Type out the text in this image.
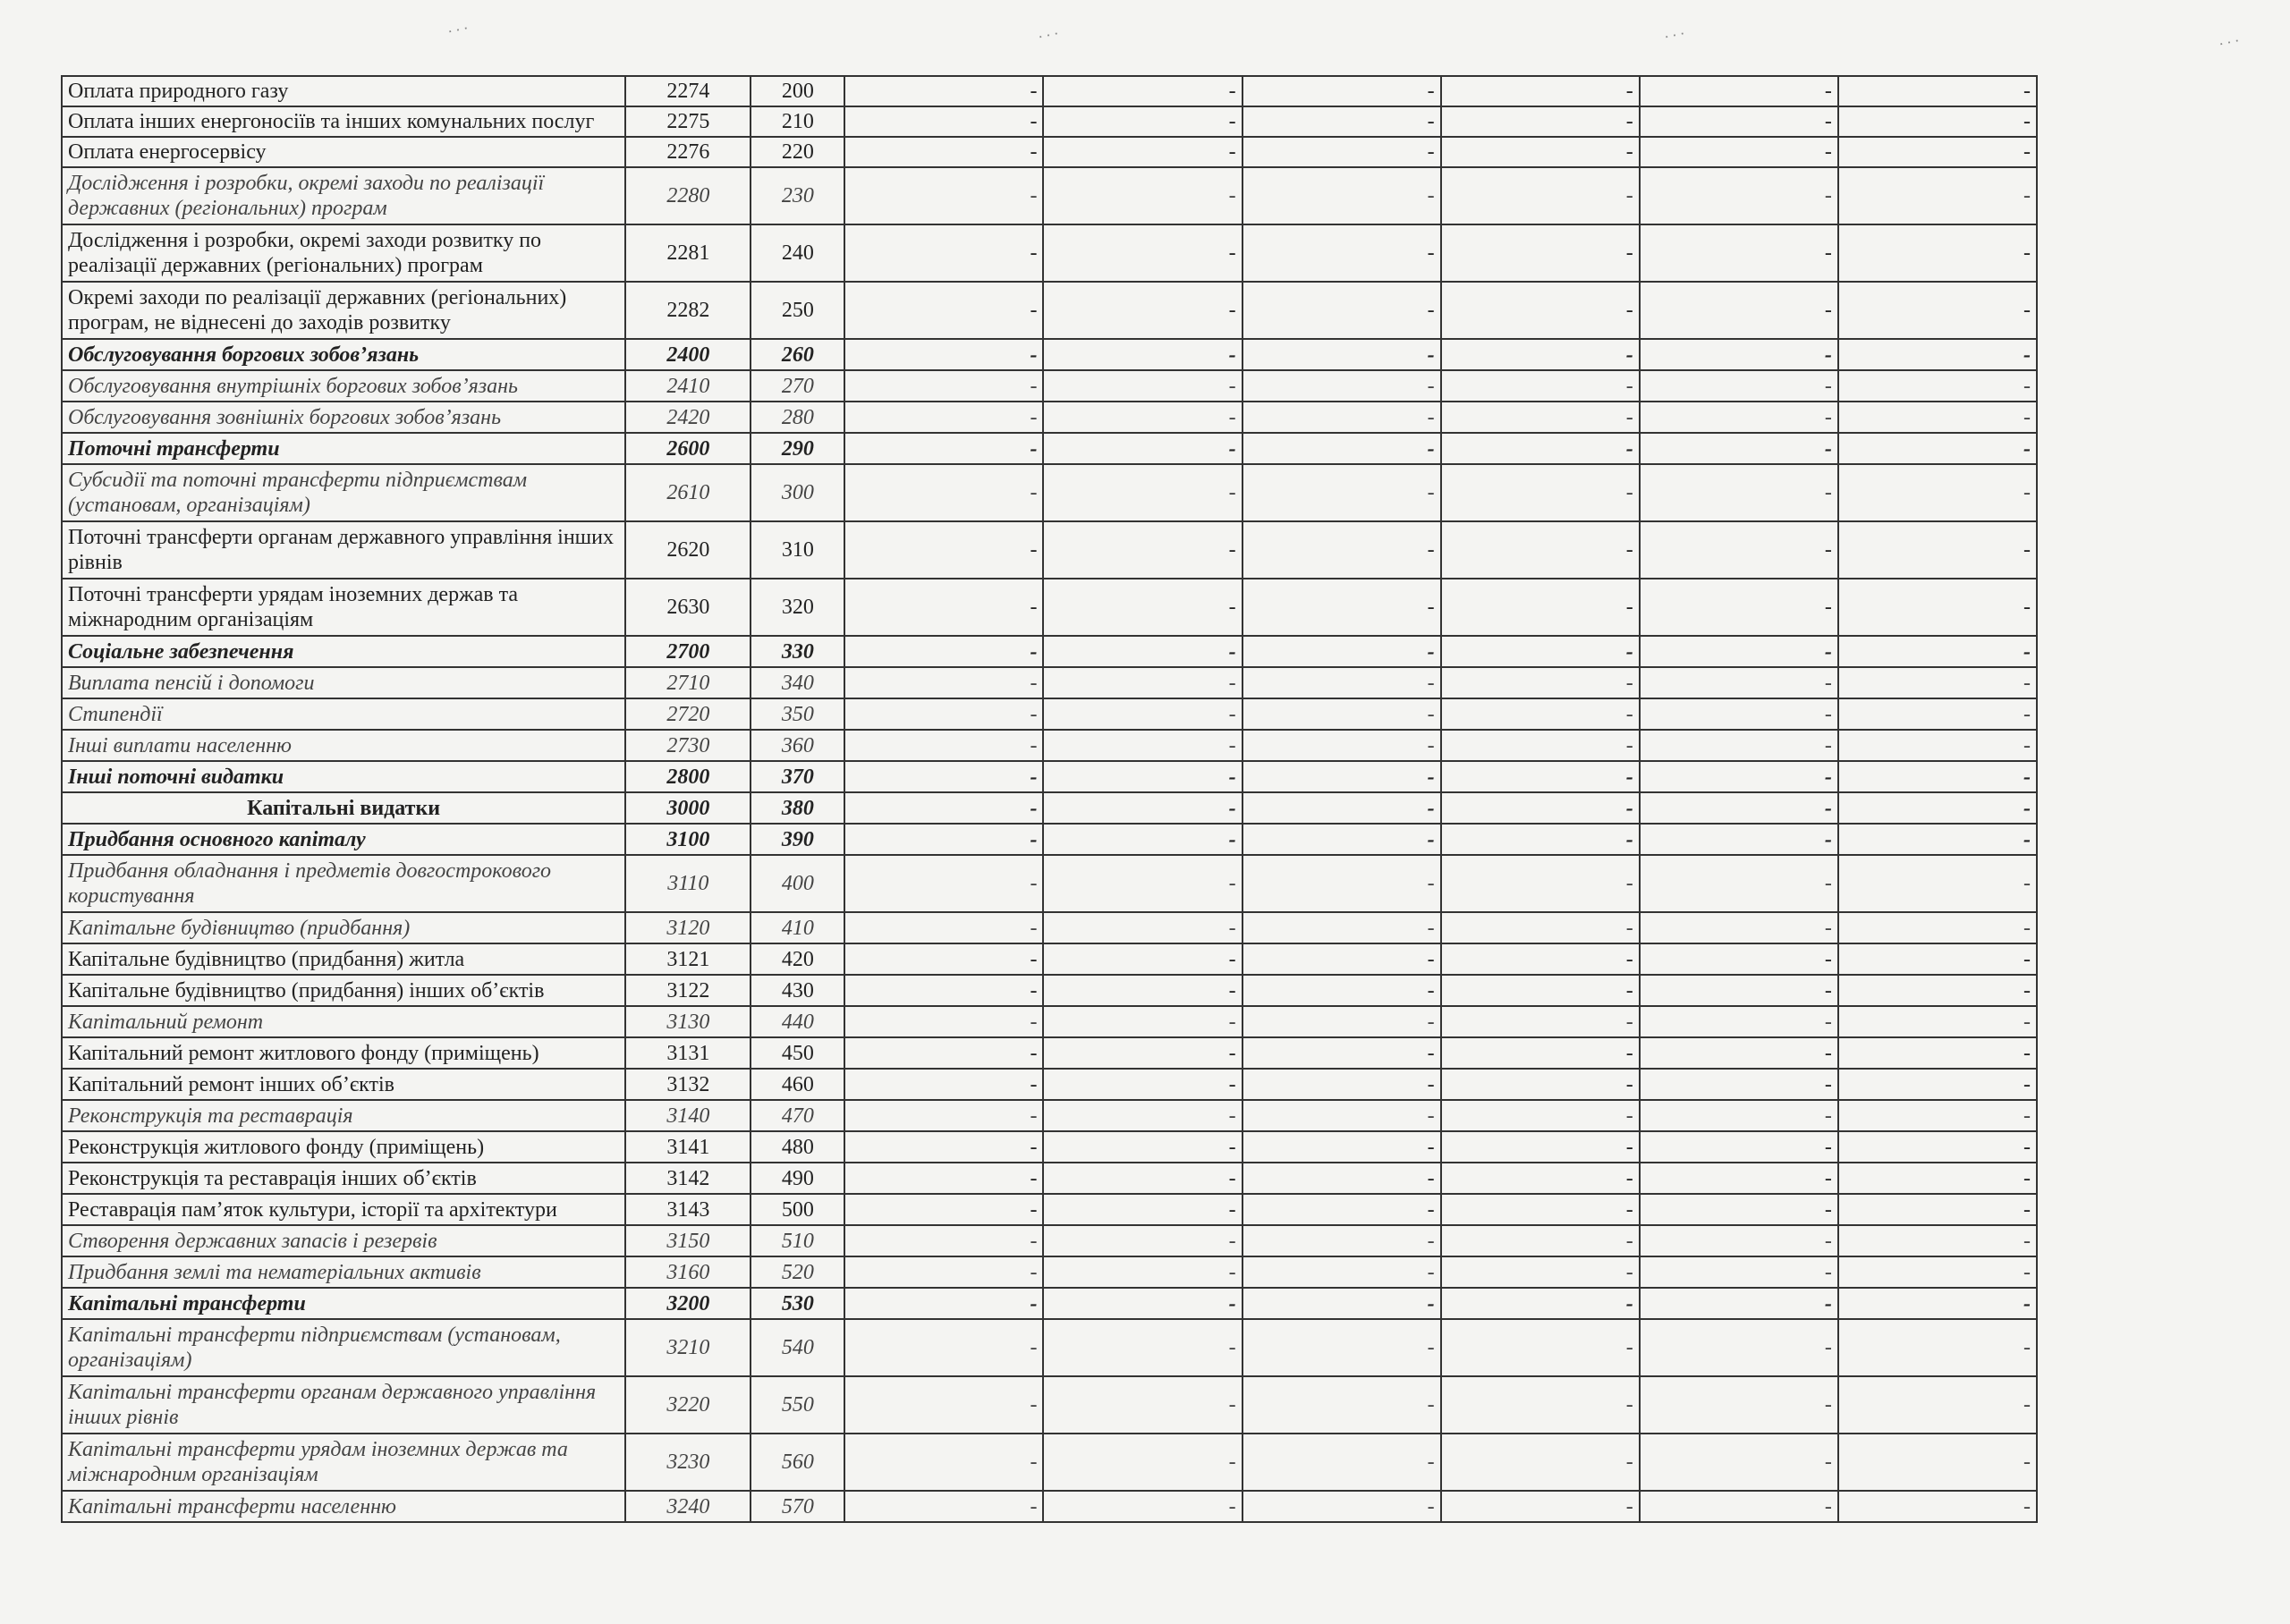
˙˙˙	˙˙˙	˙˙˙	˙˙˙
Оплата природного газу	2274	200	-	-	-	-	-	-
Оплата інших енергоносіїв та інших комунальних послуг	2275	210	-	-	-	-	-	-
Оплата енергосервісу	2276	220	-	-	-	-	-	-
Дослідження і розробки, окремі заходи по реалізації державних (регіональних) програм	2280	230	-	-	-	-	-	-
Дослідження і розробки, окремі заходи розвитку по реалізації державних (регіональних) програм	2281	240	-	-	-	-	-	-
Окремі заходи по реалізації державних (регіональних) програм, не віднесені до заходів розвитку	2282	250	-	-	-	-	-	-
Обслуговування боргових зобов’язань	2400	260	-	-	-	-	-	-
Обслуговування внутрішніх боргових зобов’язань	2410	270	-	-	-	-	-	-
Обслуговування зовнішніх боргових зобов’язань	2420	280	-	-	-	-	-	-
Поточні трансферти	2600	290	-	-	-	-	-	-
Субсидії та поточні трансферти підприємствам (установам, організаціям)	2610	300	-	-	-	-	-	-
Поточні трансферти органам державного управління інших рівнів	2620	310	-	-	-	-	-	-
Поточні трансферти урядам іноземних держав та міжнародним організаціям	2630	320	-	-	-	-	-	-
Соціальне забезпечення	2700	330	-	-	-	-	-	-
Виплата пенсій і допомоги	2710	340	-	-	-	-	-	-
Стипендії	2720	350	-	-	-	-	-	-
Інші виплати населенню	2730	360	-	-	-	-	-	-
Інші поточні видатки	2800	370	-	-	-	-	-	-
Капітальні видатки	3000	380	-	-	-	-	-	-
Придбання основного капіталу	3100	390	-	-	-	-	-	-
Придбання обладнання і предметів довгострокового користування	3110	400	-	-	-	-	-	-
Капітальне будівництво (придбання)	3120	410	-	-	-	-	-	-
Капітальне будівництво (придбання) житла	3121	420	-	-	-	-	-	-
Капітальне будівництво (придбання) інших об’єктів	3122	430	-	-	-	-	-	-
Капітальний ремонт	3130	440	-	-	-	-	-	-
Капітальний ремонт житлового фонду (приміщень)	3131	450	-	-	-	-	-	-
Капітальний ремонт інших об’єктів	3132	460	-	-	-	-	-	-
Реконструкція та реставрація	3140	470	-	-	-	-	-	-
Реконструкція житлового фонду (приміщень)	3141	480	-	-	-	-	-	-
Реконструкція та реставрація інших об’єктів	3142	490	-	-	-	-	-	-
Реставрація пам’яток культури, історії та архітектури	3143	500	-	-	-	-	-	-
Створення державних запасів і резервів	3150	510	-	-	-	-	-	-
Придбання землі та нематеріальних активів	3160	520	-	-	-	-	-	-
Капітальні трансферти	3200	530	-	-	-	-	-	-
Капітальні трансферти підприємствам (установам, організаціям)	3210	540	-	-	-	-	-	-
Капітальні трансферти органам державного управління інших рівнів	3220	550	-	-	-	-	-	-
Капітальні трансферти урядам іноземних держав та міжнародним організаціям	3230	560	-	-	-	-	-	-
Капітальні трансферти населенню	3240	570	-	-	-	-	-	-
